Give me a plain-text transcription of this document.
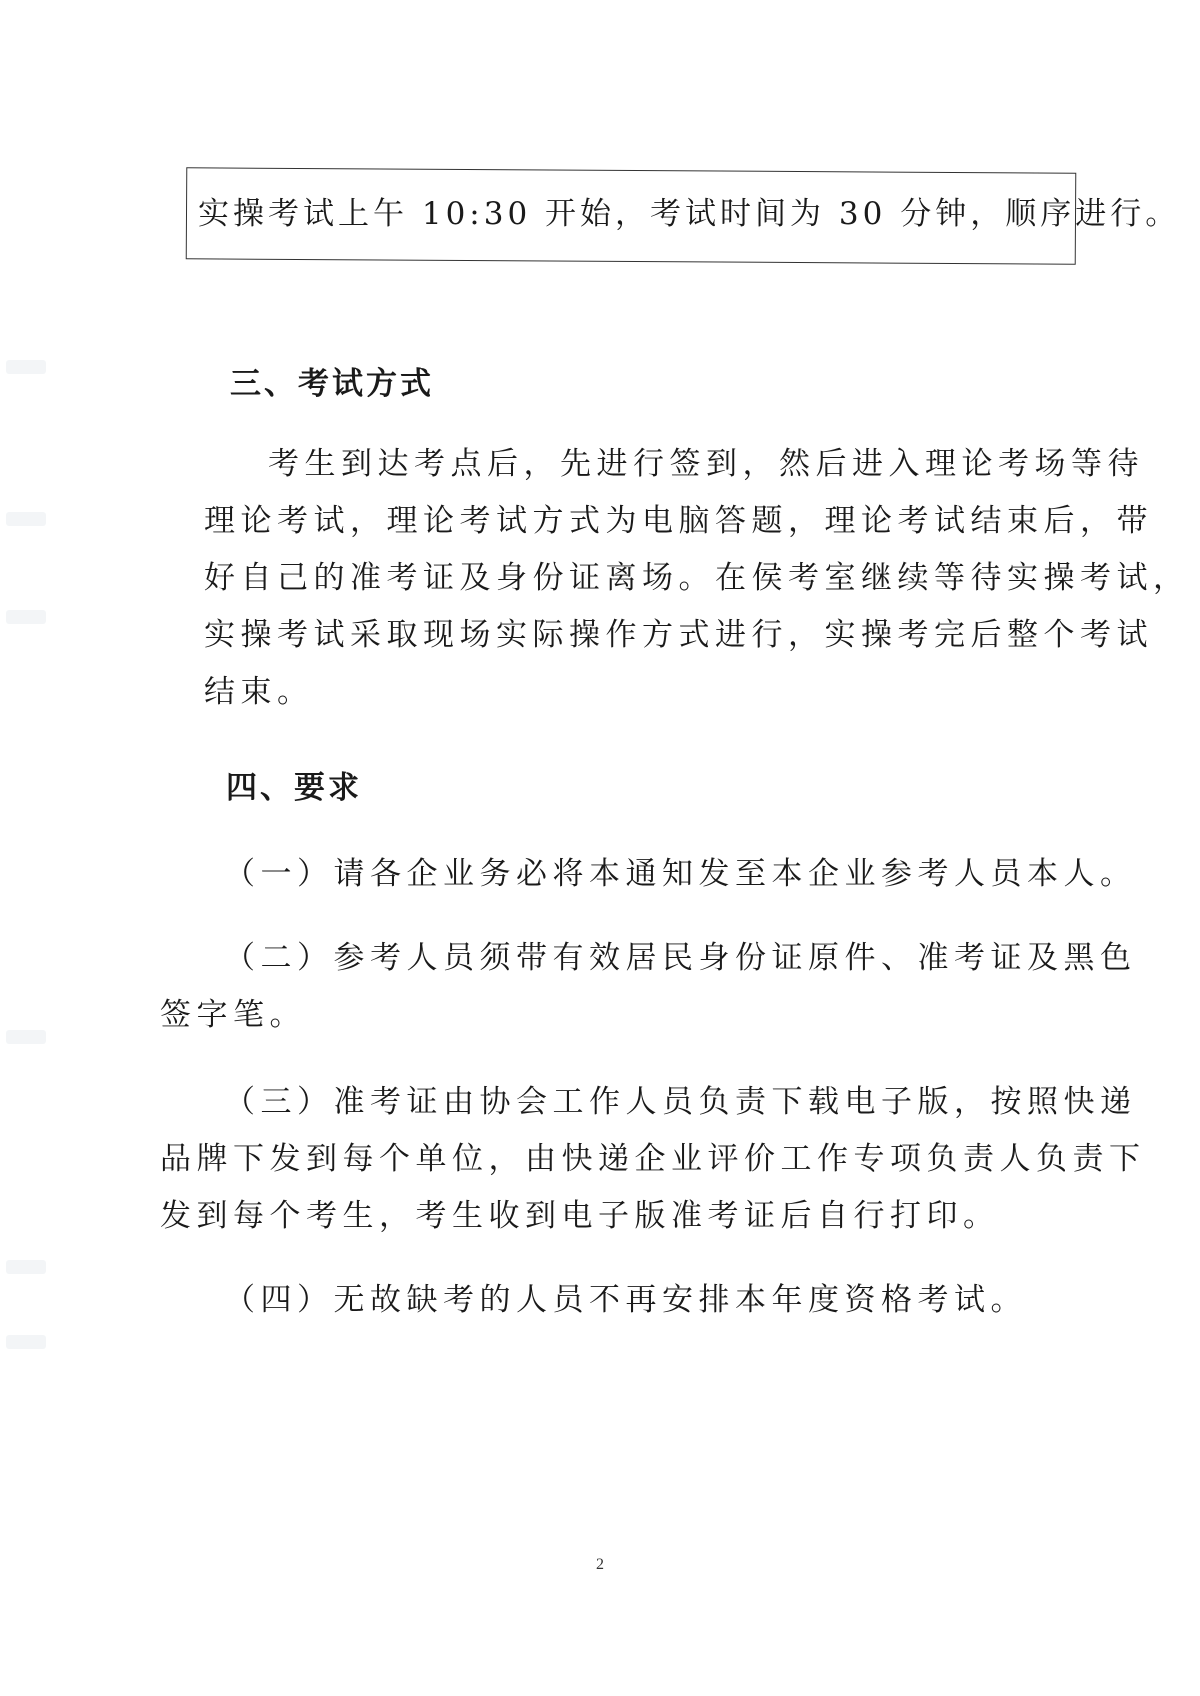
实操考试上午 10:30 开始，考试时间为 30 分钟，顺序进行。
三、考试方式
考生到达考点后，先进行签到，然后进入理论考场等待
理论考试，理论考试方式为电脑答题，理论考试结束后，带
好自己的准考证及身份证离场。在侯考室继续等待实操考试，
实操考试采取现场实际操作方式进行，实操考完后整个考试
结束。
四、要求
（一）请各企业务必将本通知发至本企业参考人员本人。
（二）参考人员须带有效居民身份证原件、准考证及黑色
签字笔。
（三）准考证由协会工作人员负责下载电子版，按照快递
品牌下发到每个单位，由快递企业评价工作专项负责人负责下
发到每个考生，考生收到电子版准考证后自行打印。
（四）无故缺考的人员不再安排本年度资格考试。
2
